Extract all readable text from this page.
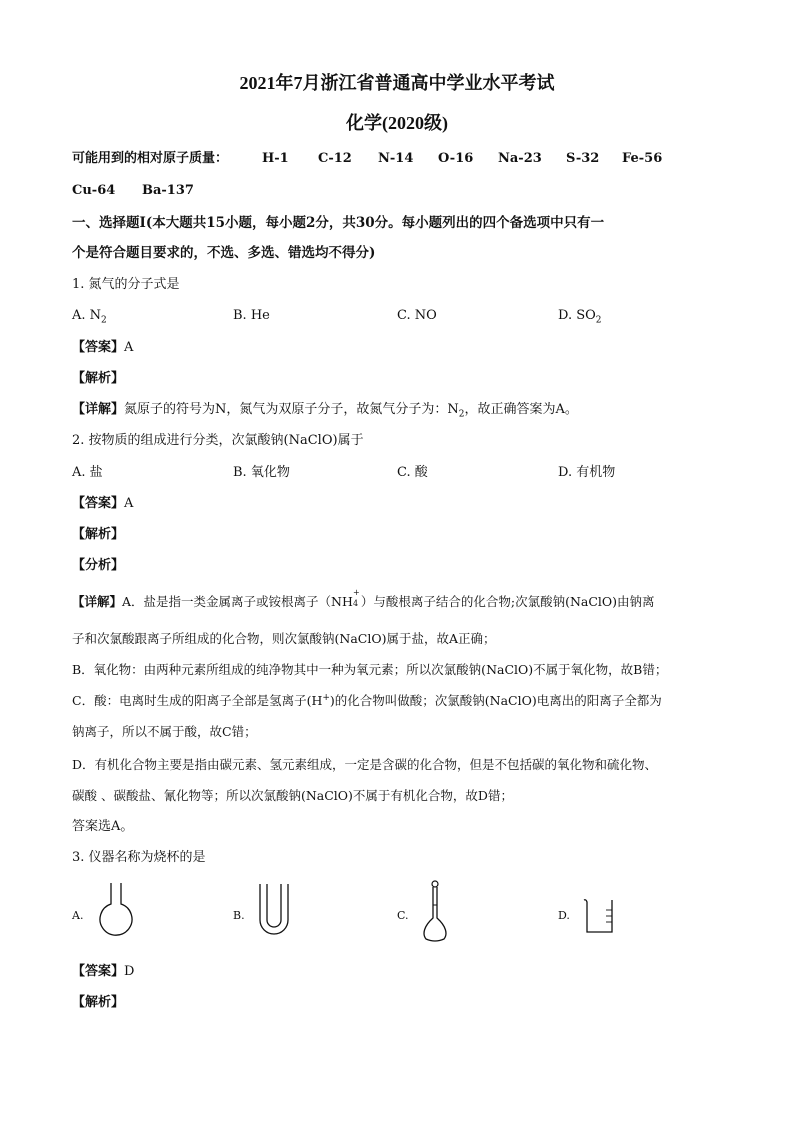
2021年7月浙江省普通高中学业水平考试
化学(2020级)
可能用到的相对原子质量：	H-1 C-12 N-14 O-16 Na-23 S-32 Fe-56
Cu-64 Ba-137
一、选择题Ⅰ(本大题共15小题，每小题2分，共30分。每小题列出的四个备选项中只有一
个是符合题目要求的，不选、多选、错选均不得分)
1. 氮气的分子式是
A. $N_2$	B. He	C. NO	D. $SO_2$
【答案】A
【解析】
【详解】氮原子的符号为N，氮气为双原子分子，故氮气分子为：$N_2$，故正确答案为A。
2. 按物质的组成进行分类，次氯酸钠(NaClO)属于
A. 盐	B. 氧化物	C. 酸	D. 有机物
【答案】A
【解析】
【分析】
【详解】A．盐是指一类金属离子或铵根离子（NH
+
4 ）与酸根离子结合的化合物;次氯酸钠(NaClO)由钠离
子和次氯酸跟离子所组成的化合物，则次氯酸钠(NaClO)属于盐，故A正确；
B．氧化物：由两种元素所组成的纯净物其中一种为氧元素；所以次氯酸钠(NaClO)不属于氧化物，故B错；
C．酸：电离时生成的阳离子全部是氢离子(H+)的化合物叫做酸；次氯酸钠(NaClO)电离出的阳离子全都为
钠离子，所以不属于酸，故C错；
D．有机化合物主要是指由碳元素、氢元素组成，一定是含碳的化合物，但是不包括碳的氧化物和硫化物、
碳酸 、碳酸盐、氰化物等；所以次氯酸钠(NaClO)不属于有机化合物，故D错；
答案选A。
3. 仪器名称为烧杯的是
A.	B.	C.	D.
【答案】D
【解析】
